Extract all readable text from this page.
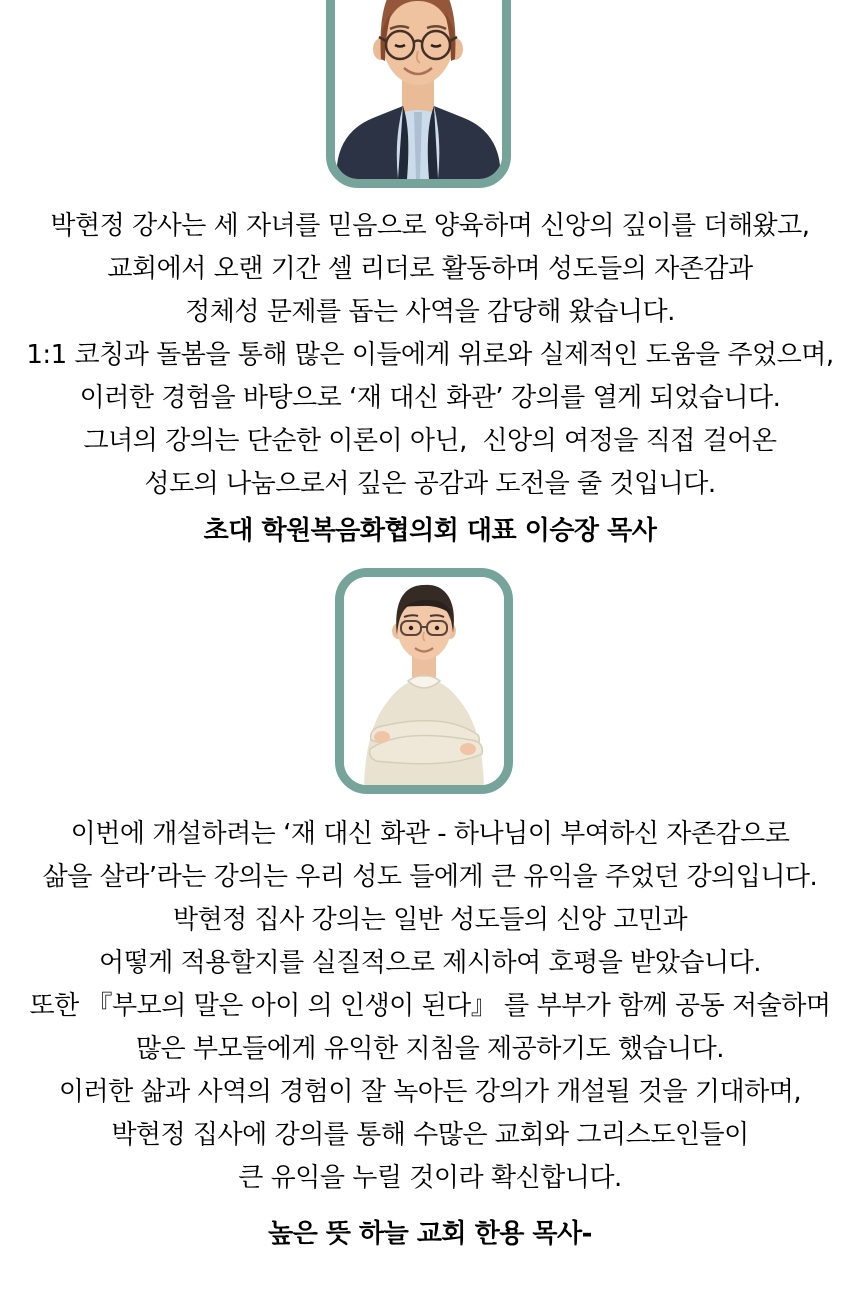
박현정 강사는 세 자녀를 믿음으로 양육하며 신앙의 깊이를 더해왔고,
교회에서 오랜 기간 셀 리더로 활동하며 성도들의 자존감과
정체성 문제를 돕는 사역을 감당해 왔습니다.
1:1 코칭과 돌봄을 통해 많은 이들에게 위로와 실제적인 도움을 주었으며,
이러한 경험을 바탕으로 ‘재 대신 화관’ 강의를 열게 되었습니다.
그녀의 강의는 단순한 이론이 아닌,  신앙의 여정을 직접 걸어온
성도의 나눔으로서 깊은 공감과 도전을 줄 것입니다.
초대 학원복음화협의회 대표 이승장 목사
이번에 개설하려는 ‘재 대신 화관 - 하나님이 부여하신 자존감으로
삶을 살라’라는 강의는 우리 성도 들에게 큰 유익을 주었던 강의입니다.
박현정 집사 강의는 일반 성도들의 신앙 고민과
어떻게 적용할지를 실질적으로 제시하여 호평을 받았습니다.
또한 『부모의 말은 아이 의 인생이 된다』 를 부부가 함께 공동 저술하며
많은 부모들에게 유익한 지침을 제공하기도 했습니다.
이러한 삶과 사역의 경험이 잘 녹아든 강의가 개설될 것을 기대하며,
박현정 집사에 강의를 통해 수많은 교회와 그리스도인들이
큰 유익을 누릴 것이라 확신합니다.
높은 뜻 하늘 교회 한용 목사-
